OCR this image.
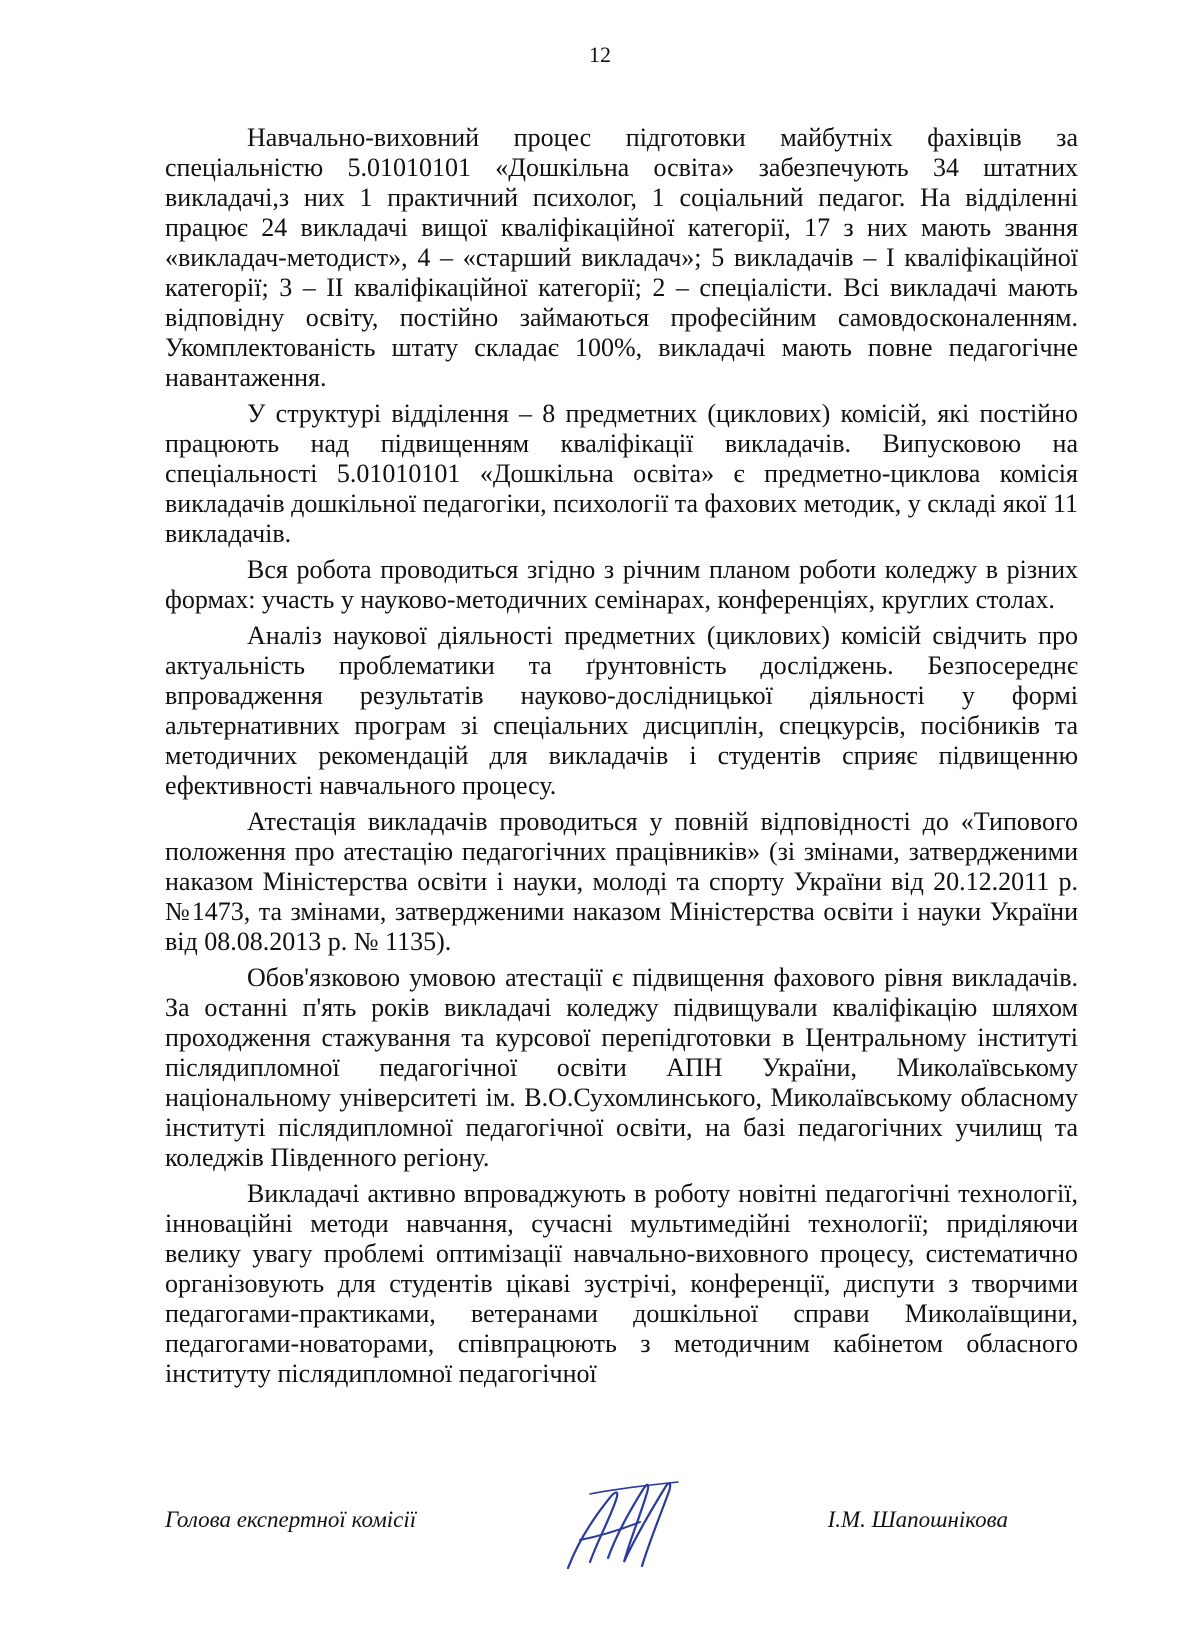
12

Навчально-виховний процес підготовки майбутніх фахівців за спеціальністю 5.01010101 «Дошкільна освіта» забезпечують 34 штатних викладачі,з них 1 практичний психолог, 1 соціальний педагог. На відділенні працює 24 викладачі вищої кваліфікаційної категорії, 17 з них мають звання «викладач-методист», 4 – «старший викладач»; 5 викладачів – І кваліфікаційної категорії; 3 – ІІ кваліфікаційної категорії; 2 – спеціалісти. Всі викладачі мають відповідну освіту, постійно займаються професійним самовдосконаленням. Укомплектованість штату складає 100%, викладачі мають повне педагогічне навантаження.

У структурі відділення – 8 предметних (циклових) комісій, які постійно працюють над підвищенням кваліфікації викладачів. Випусковою на спеціальності 5.01010101 «Дошкільна освіта» є предметно-циклова комісія викладачів дошкільної педагогіки, психології та фахових методик, у складі якої 11 викладачів.

Вся робота проводиться згідно з річним планом роботи коледжу в різних формах: участь у науково-методичних семінарах, конференціях, круглих столах.

Аналіз наукової діяльності предметних (циклових) комісій свідчить про актуальність проблематики та ґрунтовність досліджень. Безпосереднє впровадження результатів науково-дослідницької діяльності у формі альтернативних програм зі спеціальних дисциплін, спецкурсів, посібників та методичних рекомендацій для викладачів і студентів сприяє підвищенню ефективності навчального процесу.

Атестація викладачів проводиться у повній відповідності до «Типового положення про атестацію педагогічних працівників» (зі змінами, затвердженими наказом Міністерства освіти і науки, молоді та спорту України від 20.12.2011 р. №1473, та змінами, затвердженими наказом Міністерства освіти і науки України від 08.08.2013 р. № 1135).

Обов'язковою умовою атестації є підвищення фахового рівня викладачів. За останні п'ять років викладачі коледжу підвищували кваліфікацію шляхом проходження стажування та курсової перепідготовки в Центральному інституті післядипломної педагогічної освіти АПН України, Миколаївському національному університеті ім. В.О.Сухомлинського, Миколаївському обласному інституті післядипломної педагогічної освіти, на базі педагогічних училищ та коледжів Південного регіону.

Викладачі активно впроваджують в роботу новітні педагогічні технології, інноваційні методи навчання, сучасні мультимедійні технології; приділяючи велику увагу проблемі оптимізації навчально-виховного процесу, систематично організовують для студентів цікаві зустрічі, конференції, диспути з творчими педагогами-практиками, ветеранами дошкільної справи Миколаївщини, педагогами-новаторами, співпрацюють з методичним кабінетом обласного інституту післядипломної педагогічної

Голова експертної комісії	І.М. Шапошнікова
